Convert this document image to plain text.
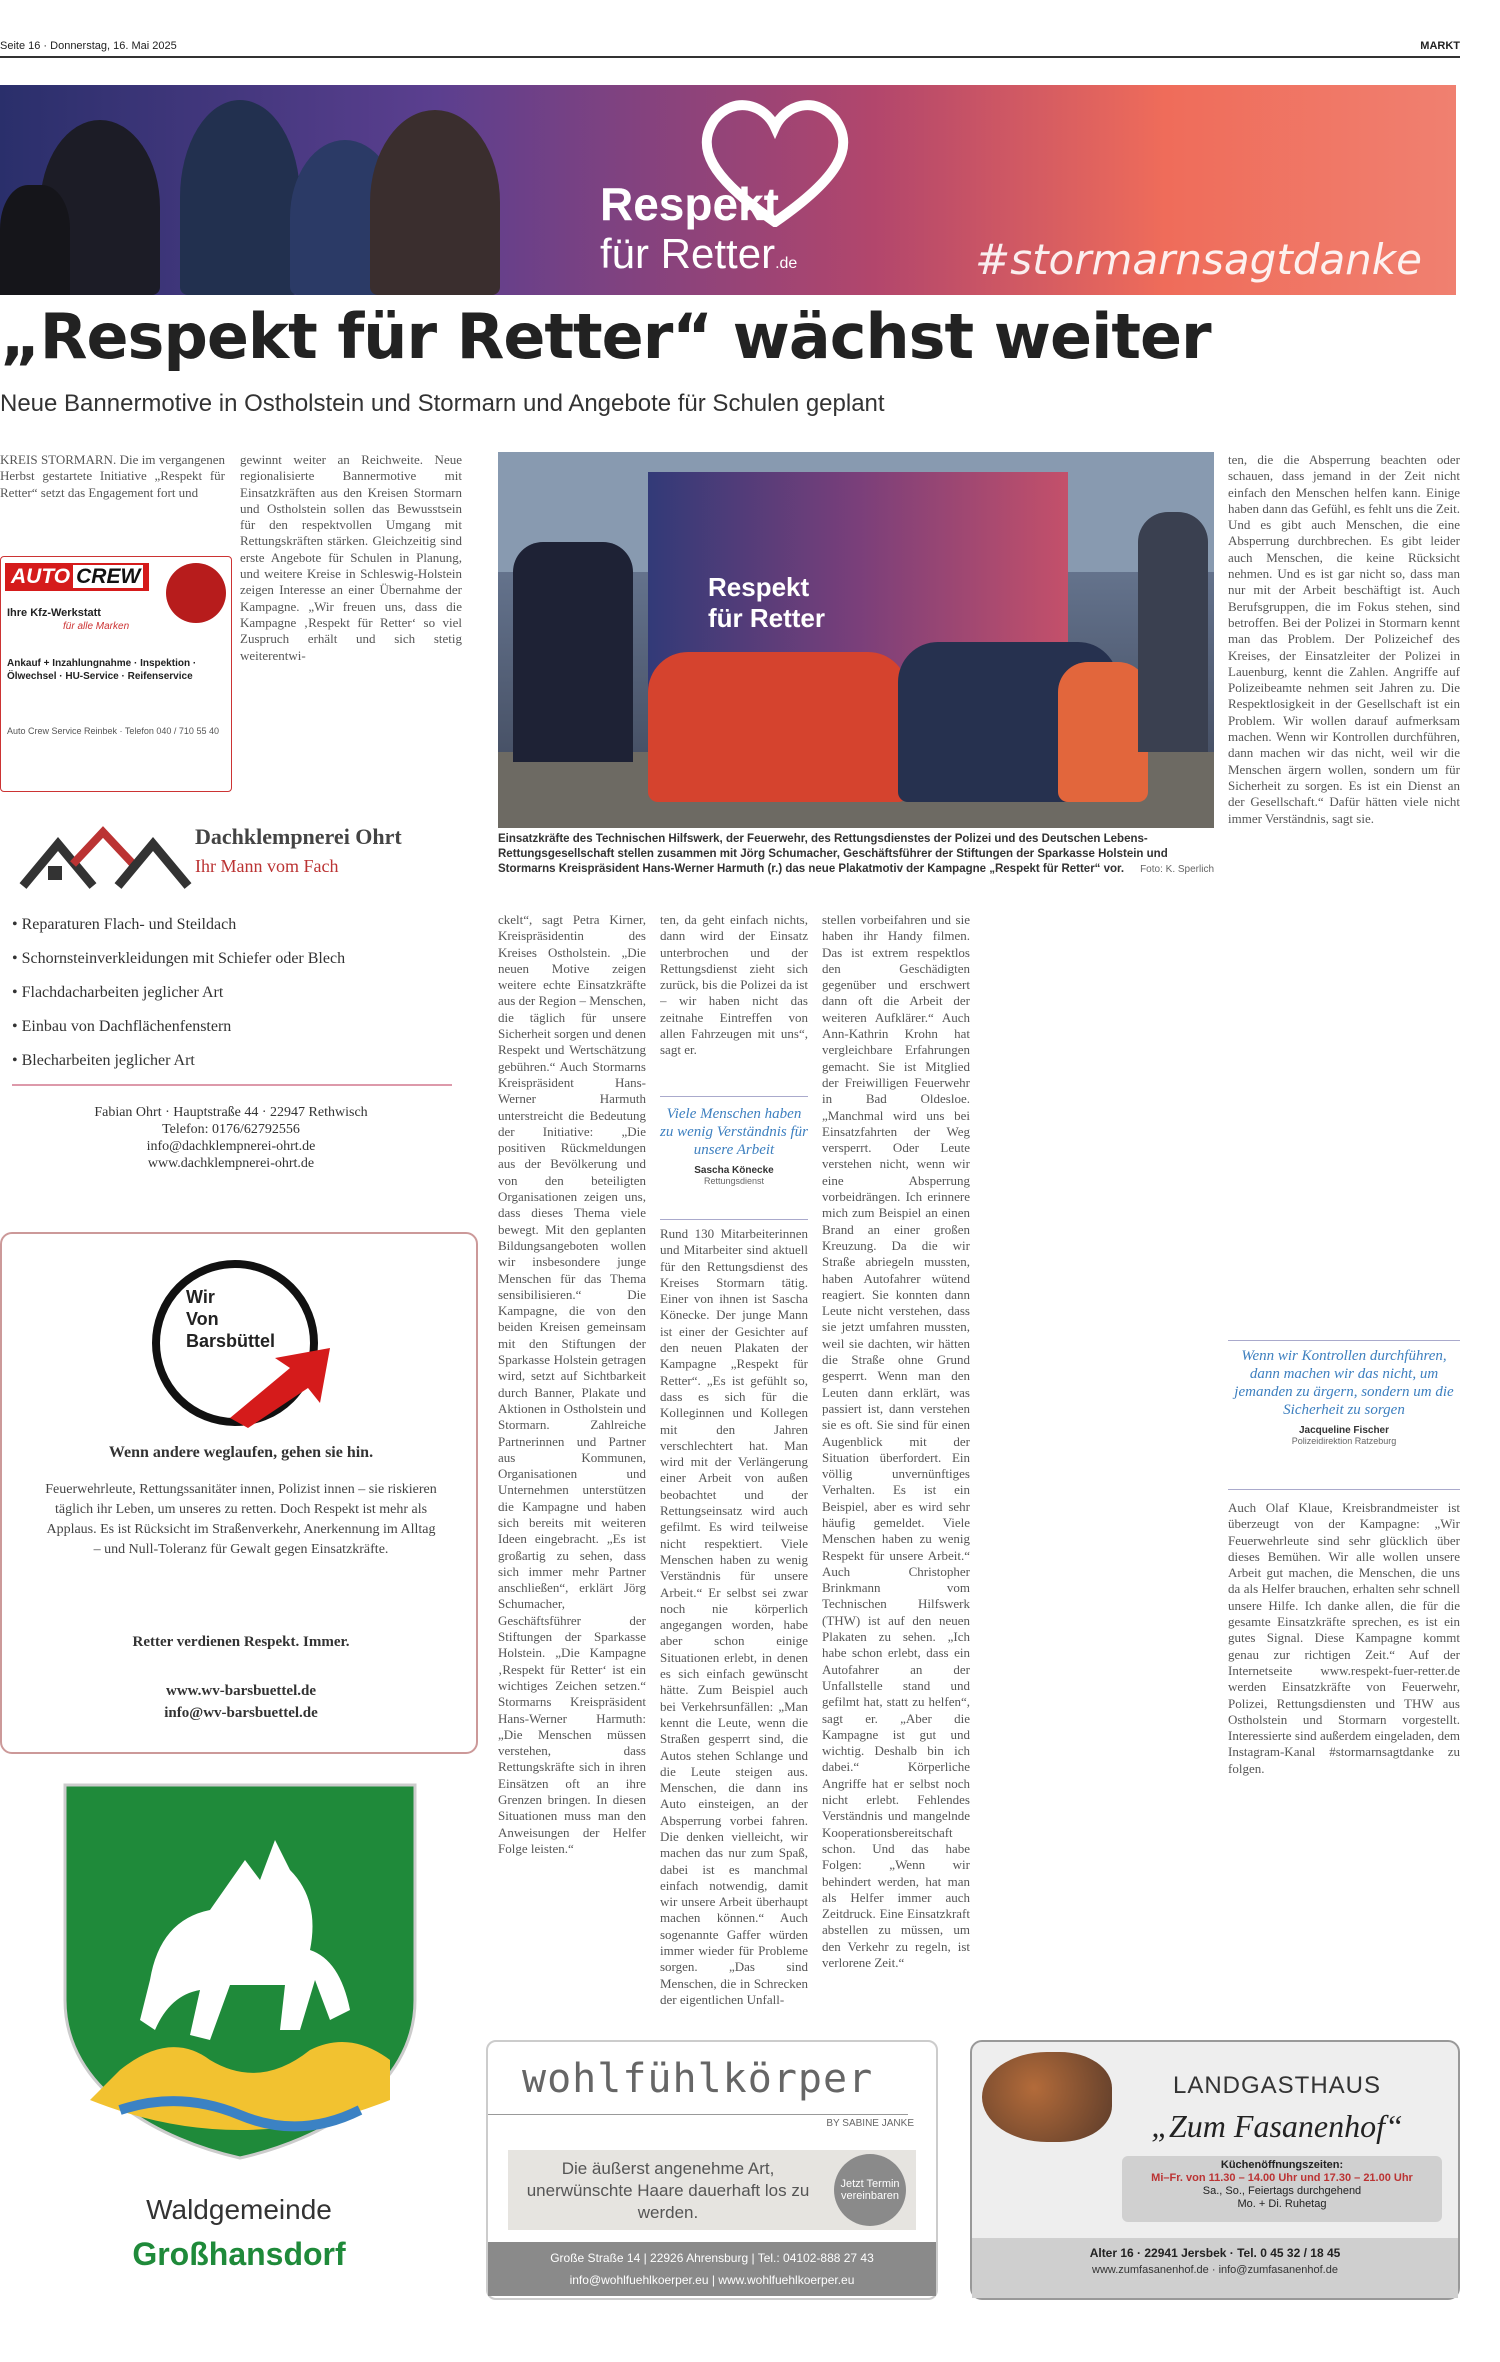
Seite 16 · Donnerstag, 16. Mai 2025	MARKT
Respekt
für Retter.de	#stormarnsagtdanke
„Respekt für Retter“ wächst weiter
Neue Bannermotive in Ostholstein und Stormarn und Angebote für Schulen geplant
KREIS STORMARN. Die im vergangenen Herbst gestartete Initiative „Respekt für Retter“ setzt das Engagement fort und
AUTO CREW
Ihre Kfz-Werkstatt
für alle Marken
Ankauf + Inzahlungnahme · Inspektion · Ölwechsel · HU-Service · Reifenservice
Auto Crew Service Reinbek · Telefon 040 / 710 55 40
gewinnt weiter an Reichweite. Neue regionalisierte Bannermotive mit Einsatzkräften aus den Kreisen Stormarn und Ostholstein sollen das Bewusstsein für den respektvollen Umgang mit Rettungskräften stärken. Gleichzeitig sind erste Angebote für Schulen in Planung, und weitere Kreise in Schleswig-Holstein zeigen Interesse an einer Übernahme der Kampagne. „Wir freuen uns, dass die Kampagne ‚Respekt für Retter‘ so viel Zuspruch erhält und sich stetig weiterentwi-
Respekt
für Retter
Einsatzkräfte des Technischen Hilfswerk, der Feuerwehr, des Rettungsdienstes der Polizei und des Deutschen Lebens-Rettungsgesellschaft stellen zusammen mit Jörg Schumacher, Geschäftsführer der Stiftungen der Sparkasse Holstein und Stormarns Kreispräsident Hans-Werner Harmuth (r.) das neue Plakatmotiv der Kampagne „Respekt für Retter“ vor. Foto: K. Sperlich
ten, die die Absperrung beachten oder schauen, dass jemand in der Zeit nicht einfach den Menschen helfen kann. Einige haben dann das Gefühl, es fehlt uns die Zeit. Und es gibt auch Menschen, die eine Absperrung durchbrechen. Es gibt leider auch Menschen, die keine Rücksicht nehmen. Und es ist gar nicht so, dass man nur mit der Arbeit beschäftigt ist. Auch Berufsgruppen, die im Fokus stehen, sind betroffen. Bei der Polizei in Stormarn kennt man das Problem. Der Polizeichef des Kreises, der Einsatzleiter der Polizei in Lauenburg, kennt die Zahlen. Angriffe auf Polizeibeamte nehmen seit Jahren zu. Die Respektlosigkeit in der Gesellschaft ist ein Problem. Wir wollen darauf aufmerksam machen. Wenn wir Kontrollen durchführen, dann machen wir das nicht, weil wir die Menschen ärgern wollen, sondern um für Sicherheit zu sorgen. Es ist ein Dienst an der Gesellschaft.“ Dafür hätten viele nicht immer Verständnis, sagt sie.
Wenn wir Kontrollen durchführen, dann machen wir das nicht, um jemanden zu ärgern, sondern um die Sicherheit zu sorgen
Jacqueline Fischer
Polizeidirektion Ratzeburg
Auch Olaf Klaue, Kreisbrandmeister ist überzeugt von der Kampagne: „Wir Feuerwehrleute sind sehr glücklich über dieses Bemühen. Wir alle wollen unsere Arbeit gut machen, die Menschen, die uns da als Helfer brauchen, erhalten sehr schnell unsere Hilfe. Ich danke allen, die für die gesamte Einsatzkräfte sprechen, es ist ein gutes Signal. Diese Kampagne kommt genau zur richtigen Zeit.“ Auf der Internetseite www.respekt-fuer-retter.de werden Einsatzkräfte von Feuerwehr, Polizei, Rettungsdiensten und THW aus Ostholstein und Stormarn vorgestellt. Interessierte sind außerdem eingeladen, dem Instagram-Kanal #stormarnsagtdanke zu folgen.
Dachklempnerei Ohrt
Ihr Mann vom Fach
• Reparaturen Flach- und Steildach
• Schornsteinverkleidungen mit Schiefer oder Blech
• Flachdacharbeiten jeglicher Art
• Einbau von Dachflächenfenstern
• Blecharbeiten jeglicher Art
Fabian Ohrt · Hauptstraße 44 · 22947 Rethwisch
Telefon: 0176/62792556
info@dachklempnerei-ohrt.de
www.dachklempnerei-ohrt.de
ckelt“, sagt Petra Kirner, Kreispräsidentin des Kreises Ostholstein. „Die neuen Motive zeigen weitere echte Einsatzkräfte aus der Region – Menschen, die täglich für unsere Sicherheit sorgen und denen Respekt und Wertschätzung gebühren.“ Auch Stormarns Kreispräsident Hans-Werner Harmuth unterstreicht die Bedeutung der Initiative: „Die positiven Rückmeldungen aus der Bevölkerung und von den beteiligten Organisationen zeigen uns, dass dieses Thema viele bewegt. Mit den geplanten Bildungsangeboten wollen wir insbesondere junge Menschen für das Thema sensibilisieren.“ Die Kampagne, die von den beiden Kreisen gemeinsam mit den Stiftungen der Sparkasse Holstein getragen wird, setzt auf Sichtbarkeit durch Banner, Plakate und Aktionen in Ostholstein und Stormarn. Zahlreiche Partnerinnen und Partner aus Kommunen, Organisationen und Unternehmen unterstützen die Kampagne und haben sich bereits mit weiteren Ideen eingebracht. „Es ist großartig zu sehen, dass sich immer mehr Partner anschließen“, erklärt Jörg Schumacher, Geschäftsführer der Stiftungen der Sparkasse Holstein. „Die Kampagne ‚Respekt für Retter‘ ist ein wichtiges Zeichen setzen.“ Stormarns Kreispräsident Hans-Werner Harmuth: „Die Menschen müssen verstehen, dass Rettungskräfte sich in ihren Einsätzen oft an ihre Grenzen bringen. In diesen Situationen muss man den Anweisungen der Helfer Folge leisten.“
ten, da geht einfach nichts, dann wird der Einsatz unterbrochen und der Rettungsdienst zieht sich zurück, bis die Polizei da ist – wir haben nicht das zeitnahe Eintreffen von allen Fahrzeugen mit uns“, sagt er.
Viele Menschen haben zu wenig Verständnis für unsere Arbeit
Sascha Könecke
Rettungsdienst
Rund 130 Mitarbeiterinnen und Mitarbeiter sind aktuell für den Rettungsdienst des Kreises Stormarn tätig. Einer von ihnen ist Sascha Könecke. Der junge Mann ist einer der Gesichter auf den neuen Plakaten der Kampagne „Respekt für Retter“. „Es ist gefühlt so, dass es sich für die Kolleginnen und Kollegen mit den Jahren verschlechtert hat. Man wird mit der Verlängerung einer Arbeit von außen beobachtet und der Rettungseinsatz wird auch gefilmt. Es wird teilweise nicht respektiert. Viele Menschen haben zu wenig Verständnis für unsere Arbeit.“ Er selbst sei zwar noch nie körperlich angegangen worden, habe aber schon einige Situationen erlebt, in denen es sich einfach gewünscht hätte. Zum Beispiel auch bei Verkehrsunfällen: „Man kennt die Leute, wenn die Straßen gesperrt sind, die Autos stehen Schlange und die Leute steigen aus. Menschen, die dann ins Auto einsteigen, an der Absperrung vorbei fahren. Die denken vielleicht, wir machen das nur zum Spaß, dabei ist es manchmal einfach notwendig, damit wir unsere Arbeit überhaupt machen können.“ Auch sogenannte Gaffer würden immer wieder für Probleme sorgen. „Das sind Menschen, die in Schrecken der eigentlichen Unfall-
stellen vorbeifahren und sie haben ihr Handy filmen. Das ist extrem respektlos den Geschädigten gegenüber und erschwert dann oft die Arbeit der weiteren Aufklärer.“ Auch Ann-Kathrin Krohn hat vergleichbare Erfahrungen gemacht. Sie ist Mitglied der Freiwilligen Feuerwehr in Bad Oldesloe. „Manchmal wird uns bei Einsatzfahrten der Weg versperrt. Oder Leute verstehen nicht, wenn wir eine Absperrung vorbeidrängen. Ich erinnere mich zum Beispiel an einen Brand an einer großen Kreuzung. Da die wir Straße abriegeln mussten, haben Autofahrer wütend reagiert. Sie konnten dann Leute nicht verstehen, dass sie jetzt umfahren mussten, weil sie dachten, wir hätten die Straße ohne Grund gesperrt. Wenn man den Leuten dann erklärt, was passiert ist, dann verstehen sie es oft. Sie sind für einen Augenblick mit der Situation überfordert. Ein völlig unvernünftiges Verhalten. Es ist ein Beispiel, aber es wird sehr häufig gemeldet. Viele Menschen haben zu wenig Respekt für unsere Arbeit.“ Auch Christopher Brinkmann vom Technischen Hilfswerk (THW) ist auf den neuen Plakaten zu sehen. „Ich habe schon erlebt, dass ein Autofahrer an der Unfallstelle stand und gefilmt hat, statt zu helfen“, sagt er. „Aber die Kampagne ist gut und wichtig. Deshalb bin ich dabei.“ Körperliche Angriffe hat er selbst noch nicht erlebt. Fehlendes Verständnis und mangelnde Kooperationsbereitschaft schon. Und das habe Folgen: „Wenn wir behindert werden, hat man als Helfer immer auch Zeitdruck. Eine Einsatzkraft abstellen zu müssen, um den Verkehr zu regeln, ist verlorene Zeit.“
Wir
Von
Barsbüttel
Wenn andere weglaufen, gehen sie hin.
Feuerwehrleute, Rettungssanitäter innen, Polizist innen – sie riskieren täglich ihr Leben, um unseres zu retten. Doch Respekt ist mehr als Applaus. Es ist Rücksicht im Straßenverkehr, Anerkennung im Alltag – und Null-Toleranz für Gewalt gegen Einsatzkräfte.
Retter verdienen Respekt. Immer.
www.wv-barsbuettel.de
info@wv-barsbuettel.de
Waldgemeinde
Großhansdorf
wohlfühlkörper
BY SABINE JANKE
Die äußerst angenehme Art, unerwünschte Haare dauerhaft los zu werden.
Jetzt Termin vereinbaren
Große Straße 14 | 22926 Ahrensburg | Tel.: 04102-888 27 43
info@wohlfuehlkoerper.eu | www.wohlfuehlkoerper.eu
LANDGASTHAUS
„Zum Fasanenhof“
Küchenöffnungszeiten:
Mi–Fr. von 11.30 – 14.00 Uhr und 17.30 – 21.00 Uhr
Sa., So., Feiertags durchgehend
Mo. + Di. Ruhetag
Alter 16 · 22941 Jersbek · Tel. 0 45 32 / 18 45
www.zumfasanenhof.de · info@zumfasanenhof.de
